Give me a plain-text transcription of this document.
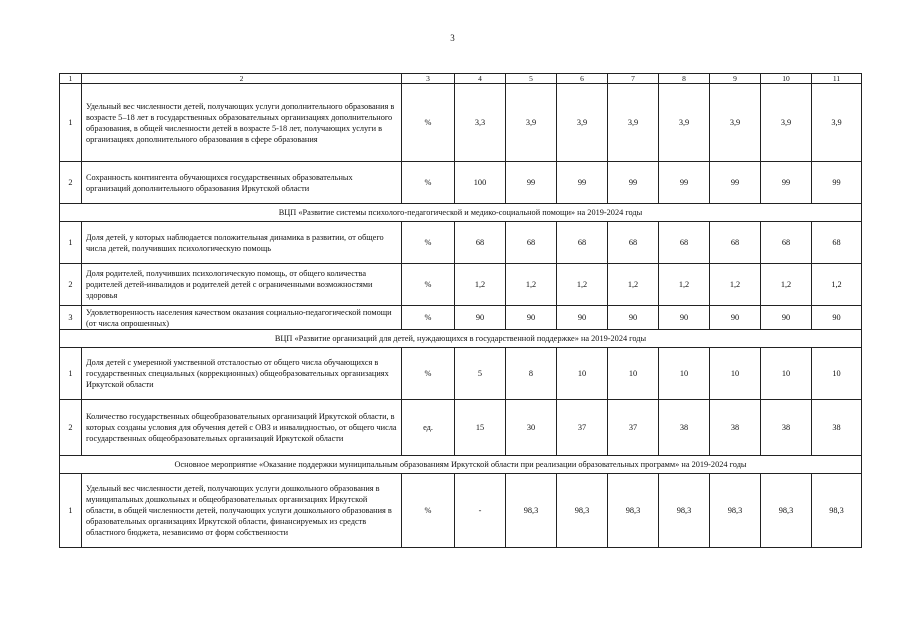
3
1	2	3	4	5	6	7	8	9	10	11
1	Удельный вес численности детей, получающих услуги дополнительного образования в возрасте 5–18 лет в государственных образовательных организациях дополнительного образования, в общей численности детей в возрасте 5-18 лет, получающих услуги в организациях дополнительного образования в сфере образования	%	3,3	3,9	3,9	3,9	3,9	3,9	3,9	3,9
2	Сохранность контингента обучающихся государственных образовательных организаций дополнительного образования Иркутской области	%	100	99	99	99	99	99	99	99
ВЦП «Развитие системы психолого-педагогической и медико-социальной помощи» на 2019-2024 годы										
1	Доля детей, у которых наблюдается положительная динамика в развитии, от общего числа детей, получивших психологическую помощь	%	68	68	68	68	68	68	68	68
2	Доля родителей, получивших психологическую помощь, от общего количества родителей детей-инвалидов и родителей детей с ограниченными возможностями здоровья	%	1,2	1,2	1,2	1,2	1,2	1,2	1,2	1,2
3	Удовлетворенность населения качеством оказания социально-педагогической помощи (от числа опрошенных)	%	90	90	90	90	90	90	90	90
ВЦП «Развитие организаций для детей, нуждающихся в государственной поддержке» на 2019-2024 годы										
1	Доля детей с умеренной умственной отсталостью от общего числа обучающихся в государственных специальных (коррекционных) общеобразовательных организациях Иркутской области	%	5	8	10	10	10	10	10	10
2	Количество государственных общеобразовательных организаций Иркутской области, в которых созданы условия для обучения детей с ОВЗ и инвалидностью, от общего числа государственных общеобразовательных организаций Иркутской области	ед.	15	30	37	37	38	38	38	38
Основное мероприятие «Оказание поддержки муниципальным образованиям Иркутской области при реализации образовательных программ» на 2019-2024 годы										
1	Удельный вес численности детей, получающих услуги дошкольного образования в муниципальных дошкольных и общеобразовательных организациях Иркутской области, в общей численности детей, получающих услуги дошкольного образования в образовательных организациях Иркутской области, финансируемых из средств областного бюджета, независимо от форм собственности	%	-	98,3	98,3	98,3	98,3	98,3	98,3	98,3
